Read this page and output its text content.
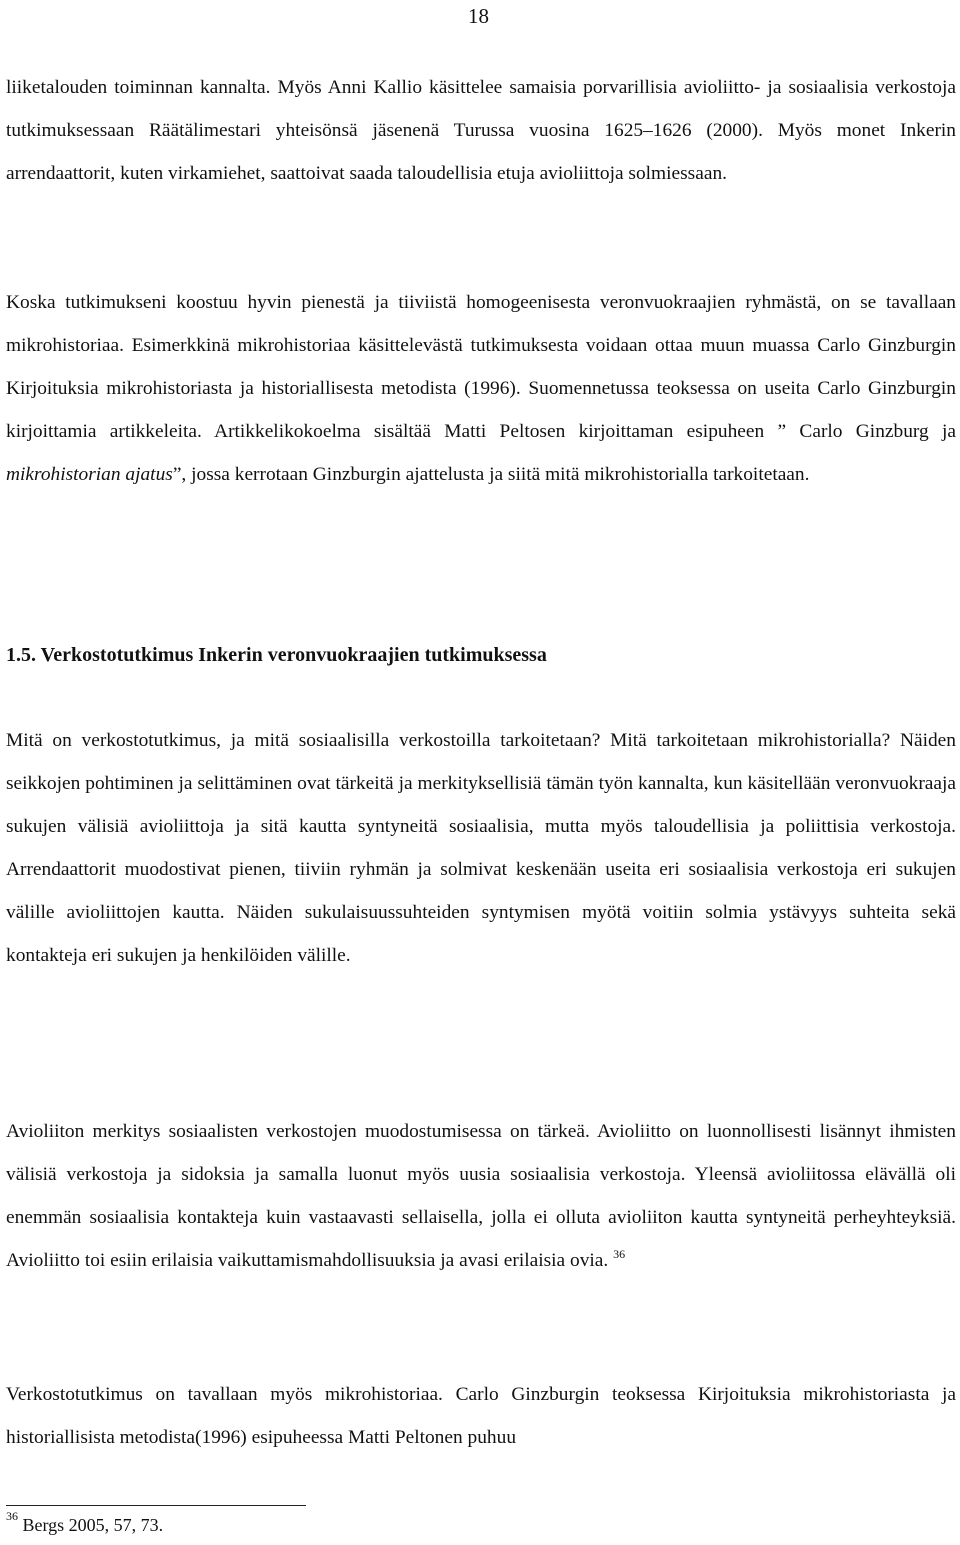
18

liiketalouden toiminnan kannalta. Myös Anni Kallio käsittelee samaisia porvarillisia avioliitto- ja sosiaalisia verkostoja tutkimuksessaan Räätälimestari yhteisönsä jäsenenä Turussa vuosina 1625–1626 (2000). Myös monet Inkerin arrendaattorit, kuten virkamiehet, saattoivat saada taloudellisia etuja avioliittoja solmiessaan.

Koska tutkimukseni koostuu hyvin pienestä ja tiiviistä homogeenisesta veronvuokraajien ryhmästä, on se tavallaan mikrohistoriaa. Esimerkkinä mikrohistoriaa käsittelevästä tutkimuksesta voidaan ottaa muun muassa Carlo Ginzburgin Kirjoituksia mikrohistoriasta ja historiallisesta metodista (1996). Suomennetussa teoksessa on useita Carlo Ginzburgin kirjoittamia artikkeleita. Artikkelikokoelma sisältää Matti Peltosen kirjoittaman esipuheen ” Carlo Ginzburg ja mikrohistorian ajatus”, jossa kerrotaan Ginzburgin ajattelusta ja siitä mitä mikrohistorialla tarkoitetaan.

1.5. Verkostotutkimus Inkerin veronvuokraajien tutkimuksessa

Mitä on verkostotutkimus, ja mitä sosiaalisilla verkostoilla tarkoitetaan? Mitä tarkoitetaan mikrohistorialla? Näiden seikkojen pohtiminen ja selittäminen ovat tärkeitä ja merkityksellisiä tämän työn kannalta, kun käsitellään veronvuokraaja sukujen välisiä avioliittoja ja sitä kautta syntyneitä sosiaalisia, mutta myös taloudellisia ja poliittisia verkostoja. Arrendaattorit muodostivat pienen, tiiviin ryhmän ja solmivat keskenään useita eri sosiaalisia verkostoja eri sukujen välille avioliittojen kautta. Näiden sukulaisuussuhteiden syntymisen myötä voitiin solmia ystävyys suhteita sekä kontakteja eri sukujen ja henkilöiden välille.

Avioliiton merkitys sosiaalisten verkostojen muodostumisessa on tärkeä. Avioliitto on luonnollisesti lisännyt ihmisten välisiä verkostoja ja sidoksia ja samalla luonut myös uusia sosiaalisia verkostoja. Yleensä avioliitossa elävällä oli enemmän sosiaalisia kontakteja kuin vastaavasti sellaisella, jolla ei olluta avioliiton kautta syntyneitä perheyhteyksiä. Avioliitto toi esiin erilaisia vaikuttamismahdollisuuksia ja avasi erilaisia ovia. $^{36}$

Verkostotutkimus on tavallaan myös mikrohistoriaa. Carlo Ginzburgin teoksessa Kirjoituksia mikrohistoriasta ja historiallisista metodista(1996) esipuheessa Matti Peltonen puhuu

$^{36}$ Bergs 2005, 57, 73.
